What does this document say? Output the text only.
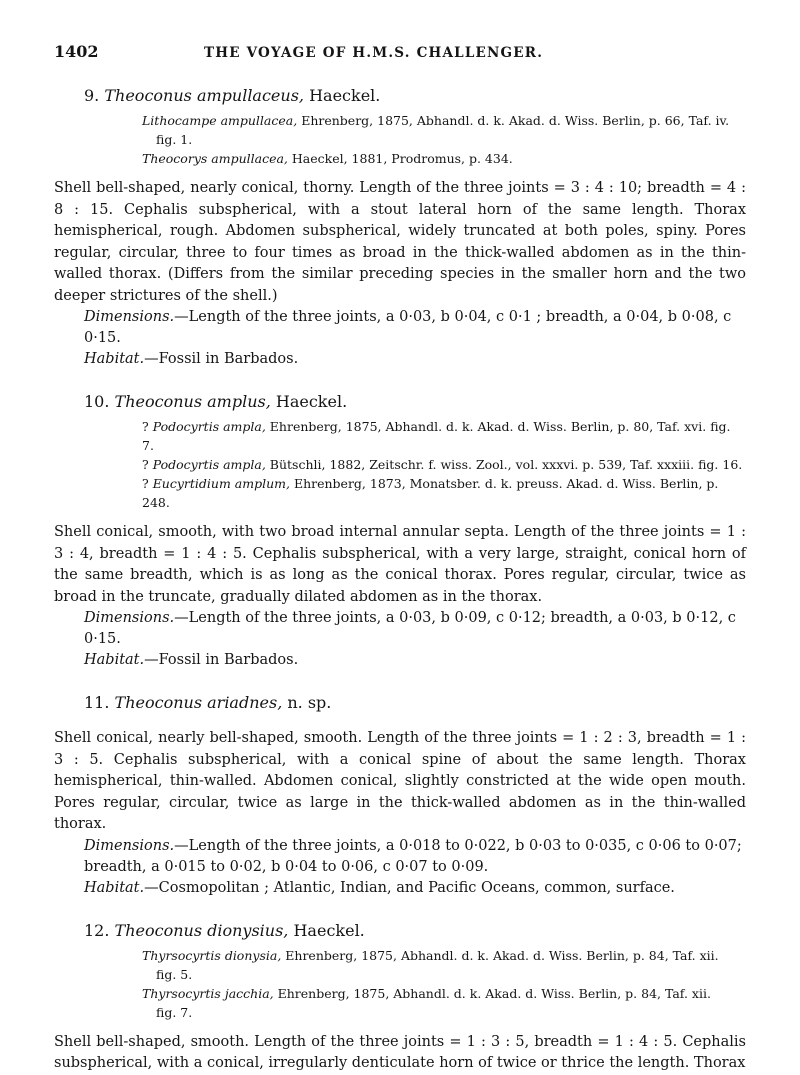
1402	THE VOYAGE OF H.M.S. CHALLENGER.
9. Theoconus ampullaceus, Haeckel.
Lithocampe ampullacea, Ehrenberg, 1875, Abhandl. d. k. Akad. d. Wiss. Berlin, p. 66, Taf. iv.
fig. 1.
Theocorys ampullacea, Haeckel, 1881, Prodromus, p. 434.
Shell bell-shaped, nearly conical, thorny. Length of the three joints = 3 : 4 : 10; breadth = 4 : 8 : 15. Cephalis subspherical, with a stout lateral horn of the same length. Thorax hemispherical, rough. Abdomen subspherical, widely truncated at both poles, spiny. Pores regular, circular, three to four times as broad in the thick-walled abdomen as in the thin-walled thorax. (Differs from the similar preceding species in the smaller horn and the two deeper strictures of the shell.)
Dimensions.—Length of the three joints, a 0·03, b 0·04, c 0·1 ; breadth, a 0·04, b 0·08, c 0·15.
Habitat.—Fossil in Barbados.
10. Theoconus amplus, Haeckel.
? Podocyrtis ampla, Ehrenberg, 1875, Abhandl. d. k. Akad. d. Wiss. Berlin, p. 80, Taf. xvi. fig. 7.
? Podocyrtis ampla, Bütschli, 1882, Zeitschr. f. wiss. Zool., vol. xxxvi. p. 539, Taf. xxxiii. fig. 16.
? Eucyrtidium amplum, Ehrenberg, 1873, Monatsber. d. k. preuss. Akad. d. Wiss. Berlin, p. 248.
Shell conical, smooth, with two broad internal annular septa. Length of the three joints = 1 : 3 : 4, breadth = 1 : 4 : 5. Cephalis subspherical, with a very large, straight, conical horn of the same breadth, which is as long as the conical thorax. Pores regular, circular, twice as broad in the truncate, gradually dilated abdomen as in the thorax.
Dimensions.—Length of the three joints, a 0·03, b 0·09, c 0·12; breadth, a 0·03, b 0·12, c 0·15.
Habitat.—Fossil in Barbados.
11. Theoconus ariadnes, n. sp.
Shell conical, nearly bell-shaped, smooth. Length of the three joints = 1 : 2 : 3, breadth = 1 : 3 : 5. Cephalis subspherical, with a conical spine of about the same length. Thorax hemispherical, thin-walled. Abdomen conical, slightly constricted at the wide open mouth. Pores regular, circular, twice as large in the thick-walled abdomen as in the thin-walled thorax.
Dimensions.—Length of the three joints, a 0·018 to 0·022, b 0·03 to 0·035, c 0·06 to 0·07; breadth, a 0·015 to 0·02, b 0·04 to 0·06, c 0·07 to 0·09.
Habitat.—Cosmopolitan ; Atlantic, Indian, and Pacific Oceans, common, surface.
12. Theoconus dionysius, Haeckel.
Thyrsocyrtis dionysia, Ehrenberg, 1875, Abhandl. d. k. Akad. d. Wiss. Berlin, p. 84, Taf. xii.
fig. 5.
Thyrsocyrtis jacchia, Ehrenberg, 1875, Abhandl. d. k. Akad. d. Wiss. Berlin, p. 84, Taf. xii.
fig. 7.
Shell bell-shaped, smooth. Length of the three joints = 1 : 3 : 5, breadth = 1 : 4 : 5. Cephalis subspherical, with a conical, irregularly denticulate horn of twice or thrice the length. Thorax
